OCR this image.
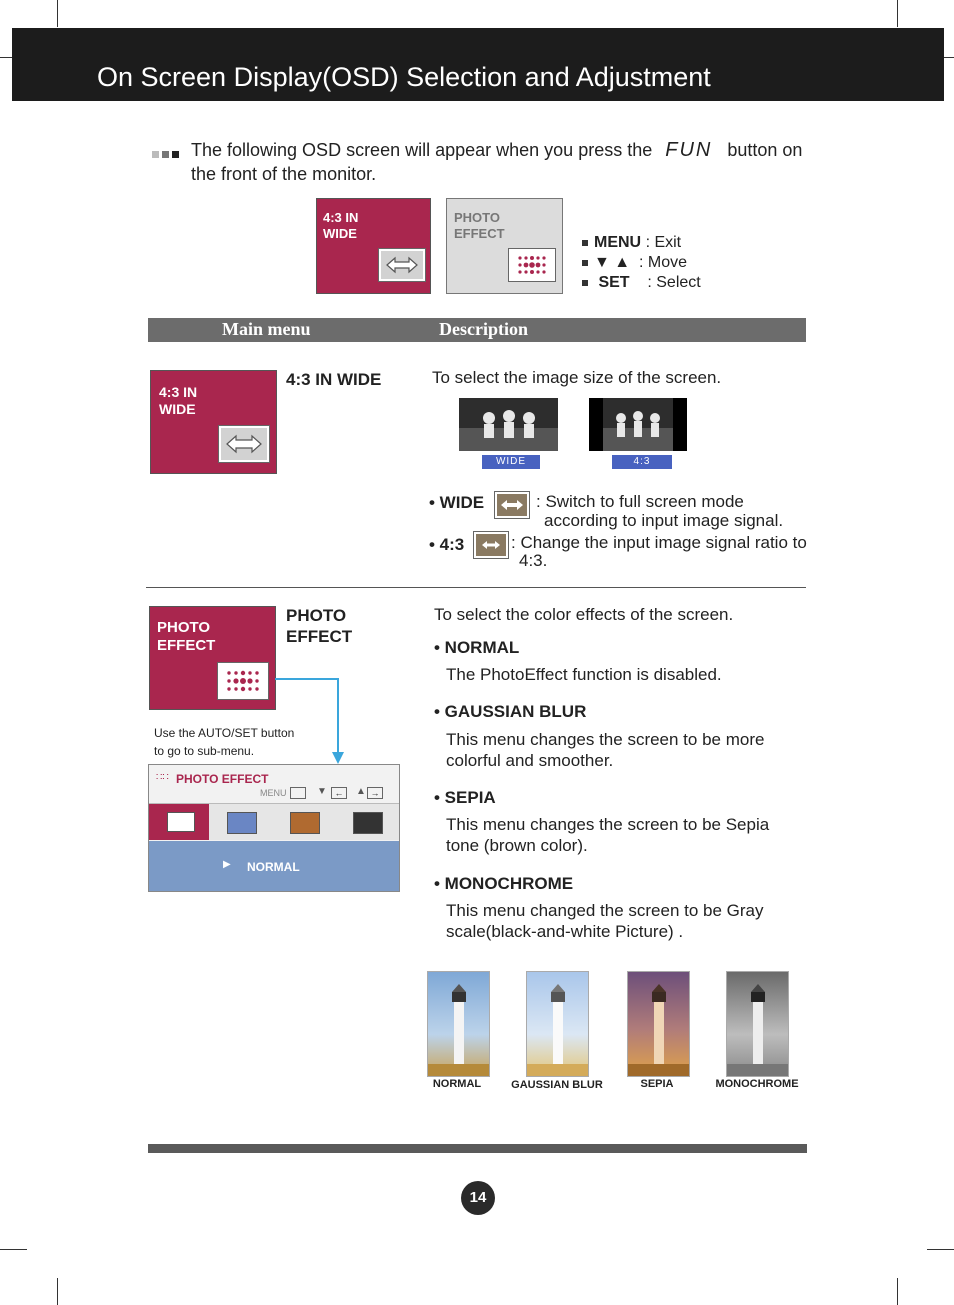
On Screen Display(OSD) Selection and Adjustment
The following OSD screen will appear when you press the FUN button on
the front of the monitor.
4:3 IN
WIDE
PHOTO
EFFECT
MENU : Exit
▼ ▲ : Move
SET : Select
Main menu	Description
4:3 IN
WIDE
4:3 IN WIDE	To select the image size of the screen.
WIDE	4:3
• WIDE	: Switch to full screen mode
according to input image signal.
• 4:3	: Change the input image signal ratio to
4:3.
PHOTO
EFFECT
PHOTO
EFFECT
Use the AUTO/SET button
to go to sub-menu.
∷∷ PHOTO EFFECT
MENU	▼ ←	▲ →
▶ NORMAL
To select the color effects of the screen.
• NORMAL
The PhotoEffect function is disabled.
• GAUSSIAN BLUR
This menu changes the screen to be more colorful and smoother.
• SEPIA
This menu changes the screen to be Sepia tone (brown color).
• MONOCHROME
This menu changed the screen to be Gray scale(black-and-white Picture) .
NORMAL	GAUSSIAN BLUR	SEPIA	MONOCHROME
14
